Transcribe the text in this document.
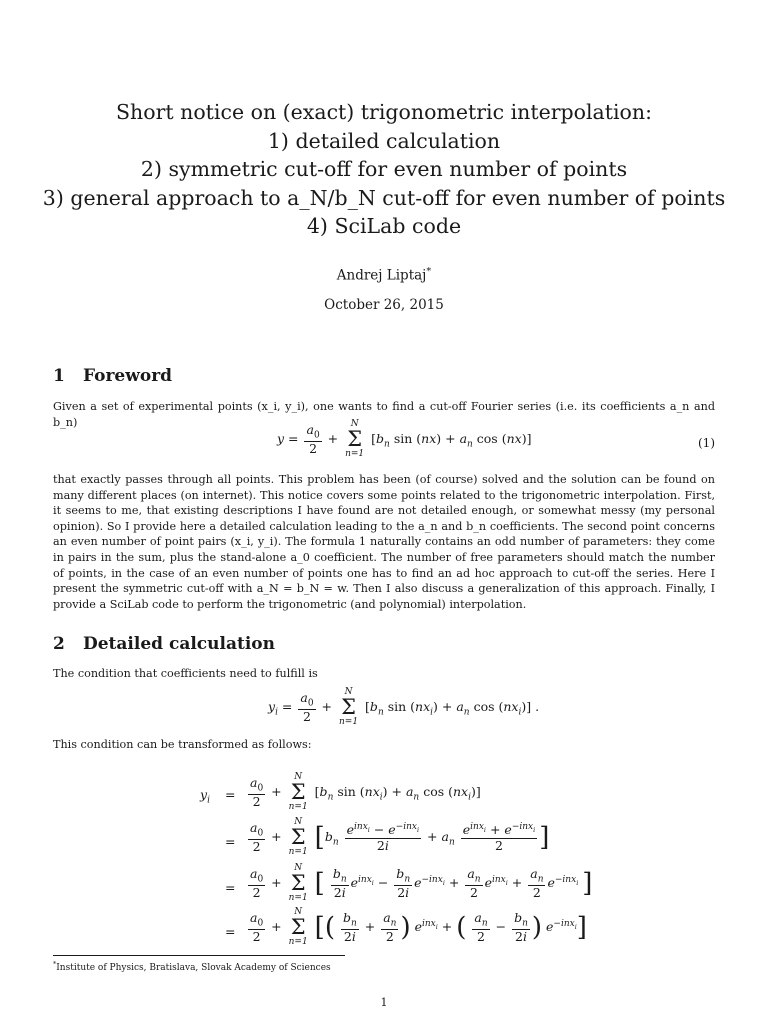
Short notice on (exact) trigonometric interpolation:
1) detailed calculation
2) symmetric cut-off for even number of points
3) general approach to a_N/b_N cut-off for even number of points
4) SciLab code
Andrej Liptaj*
October 26, 2015
1 Foreword
Given a set of experimental points (x_i, y_i), one wants to find a cut-off Fourier series (i.e. its coefficients a_n and b_n)
$y = \frac{a_0}{2}$ +
N
Σ
n=1
[$b_n$ $\sin (nx) + a_n$ cos (nx)]	(1)
that exactly passes through all points. This problem has been (of course) solved and the solution can be found on many different places (on internet). This notice covers some points related to the trigonometric interpolation. First, it seems to me, that existing descriptions I have found are not detailed enough, or somewhat messy (my personal opinion). So I provide here a detailed calculation leading to the a_n and b_n coefficients. The second point concerns an even number of point pairs (x_i, y_i). The formula 1 naturally contains an odd number of parameters: they come in pairs in the sum, plus the stand-alone a_0 coefficient. The number of free parameters should match the number of points, in the case of an even number of points one has to find an ad hoc approach to cut-off the series. Here I present the symmetric cut-off with a_N = b_N = w. Then I also discuss a generalization of this approach. Finally, I provide a SciLab code to perform the trigonometric (and polynomial) interpolation.
2 Detailed calculation
The condition that coefficients need to fulfill is
$y_i = \frac{a_0}{2}$ +
N
Σ
n=1
[$b_n$ $\sin (nx_i) + a_n$ $\cos (nx_i)$] .
This condition can be transformed as follows:
$y_i$	= $\frac{a_0}{2}$ +
N
Σ
n=1
[$b_n$ $\sin (nx_i) + a_n$ $\cos (nx_i)$]
= $\frac{a_0}{2}$ +
N
Σ
n=1 [$b_n \frac{e^{inx_i} - e^{-inx_i}}{2i} + a_n \frac{e^{inx_i} + e^{-inx_i}}{2}$ ]
= $\frac{a_0}{2}$ +
N
Σ
n=1 [ $\frac{b_n}{2i} e^{inx_i} - \frac{b_n}{2i} e^{-inx_i} + \frac{a_n}{2} e^{inx_i} + \frac{a_n}{2} e^{-inx_i}$ ]
= $\frac{a_0}{2}$ +
N
Σ
n=1 [( $\frac{b_n}{2i} + \frac{a_n}{2}$ ) $e^{inx_i}$ + ( $\frac{a_n}{2} - \frac{b_n}{2i}$ ) $e^{-inx_i}$]
*Institute of Physics, Bratislava, Slovak Academy of Sciences
1
